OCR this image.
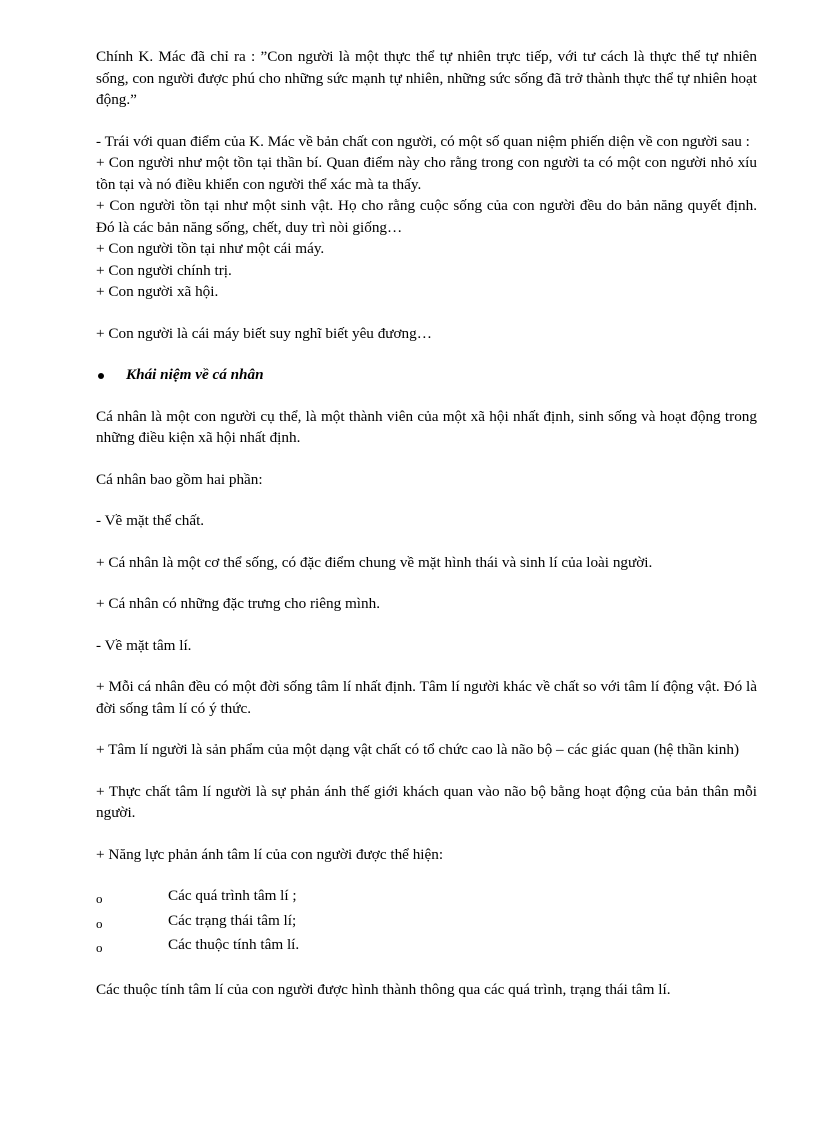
Chính K. Mác đã chỉ ra : ”Con người là một thực thể tự nhiên trực tiếp, với tư cách là thực thể tự nhiên sống, con người được phú cho những sức mạnh tự nhiên, những sức sống đã trở thành thực thể tự nhiên hoạt động.”

- Trái với quan điểm của K. Mác về bản chất con người, có một số quan niệm phiến diện về con người sau :

+ Con người như một tồn tại thần bí. Quan điểm này cho rằng trong con người ta có một con người nhỏ xíu tồn tại và nó điều khiển con người thể xác mà ta thấy.

+ Con người tồn tại như một sinh vật. Họ cho rằng cuộc sống của con người đều do bản năng quyết định. Đó là các bản năng sống, chết, duy trì nòi giống…

+ Con người tồn tại như một cái máy.

+ Con người chính trị.

+ Con người xã hội.

+ Con người là cái máy biết suy nghĩ biết yêu đương…

Khái niệm về cá nhân

Cá nhân là một con người cụ thể, là một thành viên của một xã hội nhất định, sinh sống và hoạt động trong những điều kiện xã hội nhất định.

Cá nhân bao gồm hai phần:

- Về mặt thể chất.

+ Cá nhân là một cơ thể sống, có đặc điểm chung về mặt hình thái và sinh lí của loài người.

+ Cá nhân có những đặc trưng cho riêng mình.

- Về mặt tâm lí.

+ Mỗi cá nhân đều có một đời sống tâm lí nhất định. Tâm lí người khác về chất so với tâm lí động vật. Đó là đời sống tâm lí có ý thức.

+ Tâm lí người là sản phẩm của một dạng vật chất có tổ chức cao là não bộ – các giác quan (hệ thần kinh)

+ Thực chất tâm lí người là sự phản ánh thế giới khách quan vào não bộ bằng hoạt động của bản thân mỗi người.

+ Năng lực phản ánh tâm lí của con người được thể hiện:

o	Các quá trình tâm lí ;
o	Các trạng thái tâm lí;
o	Các thuộc tính tâm lí.

Các thuộc tính tâm lí của con người được hình thành thông qua các quá trình, trạng thái tâm lí.
